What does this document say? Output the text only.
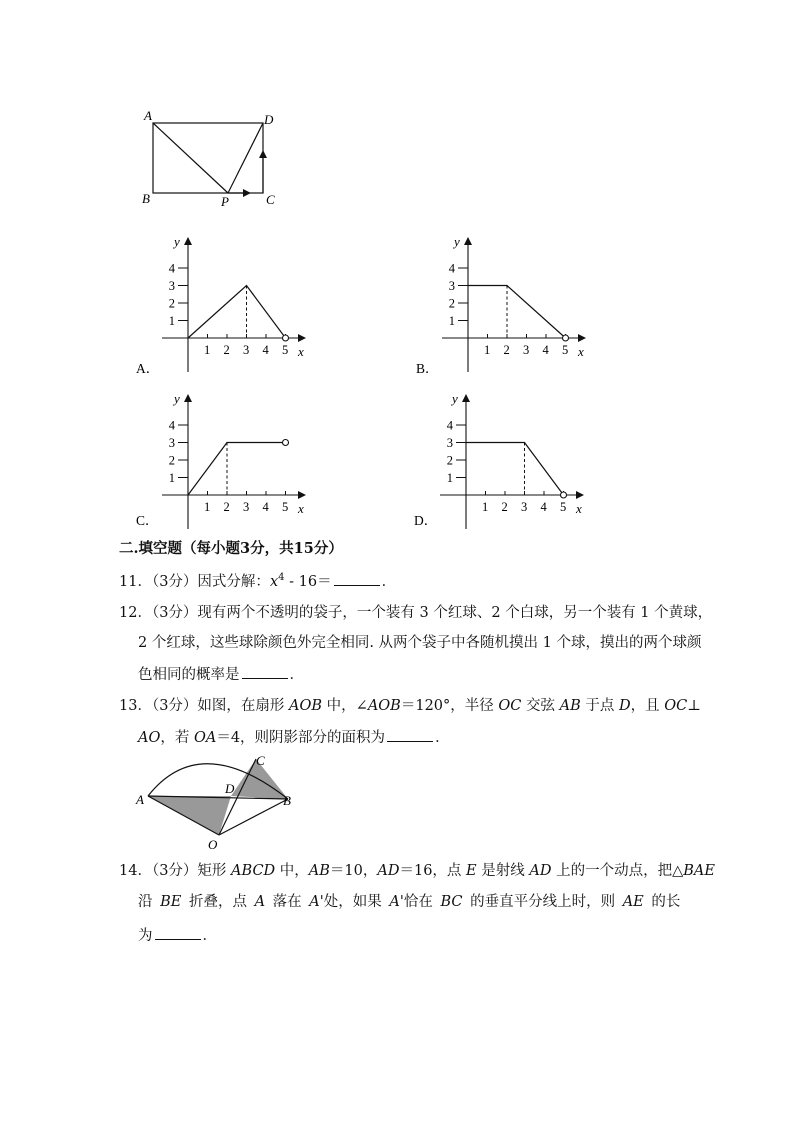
A	D
B	P	C
x
y
1 2 3 4 5
1
2
3
4
A．
x
y
1 2 3 4 5
1
2
3
4
B．
x
y
1 2 3 4 5
1
2
3
4
C．
x
y
1 2 3 4 5
1
2
3
4
D．
二.填空题（每小题3分，共15分）
11．（3分）因式分解：$x^4 - 16=$	．
12．（3分）现有两个不透明的袋子，一个装有 3 个红球、2 个白球，另一个装有 1 个黄球，
2 个红球，这些球除颜色外完全相同. 从两个袋子中各随机摸出 1 个球，摸出的两个球颜
色相同的概率是	．
13．（3分）如图，在扇形 AOB 中，∠AOB＝120°，半径 OC 交弦 AB 于点 D，且 OC⊥
AO，若 OA＝4，则阴影部分的面积为	．
A
D
C
B
O
14．（3分）矩形 ABCD 中，AB＝10，AD＝16，点 E 是射线 AD 上的一个动点，把△BAE
沿 BE 折叠，点 A 落在 A'处，如果 A'恰在 BC 的垂直平分线上时，则 AE 的长
为	．
